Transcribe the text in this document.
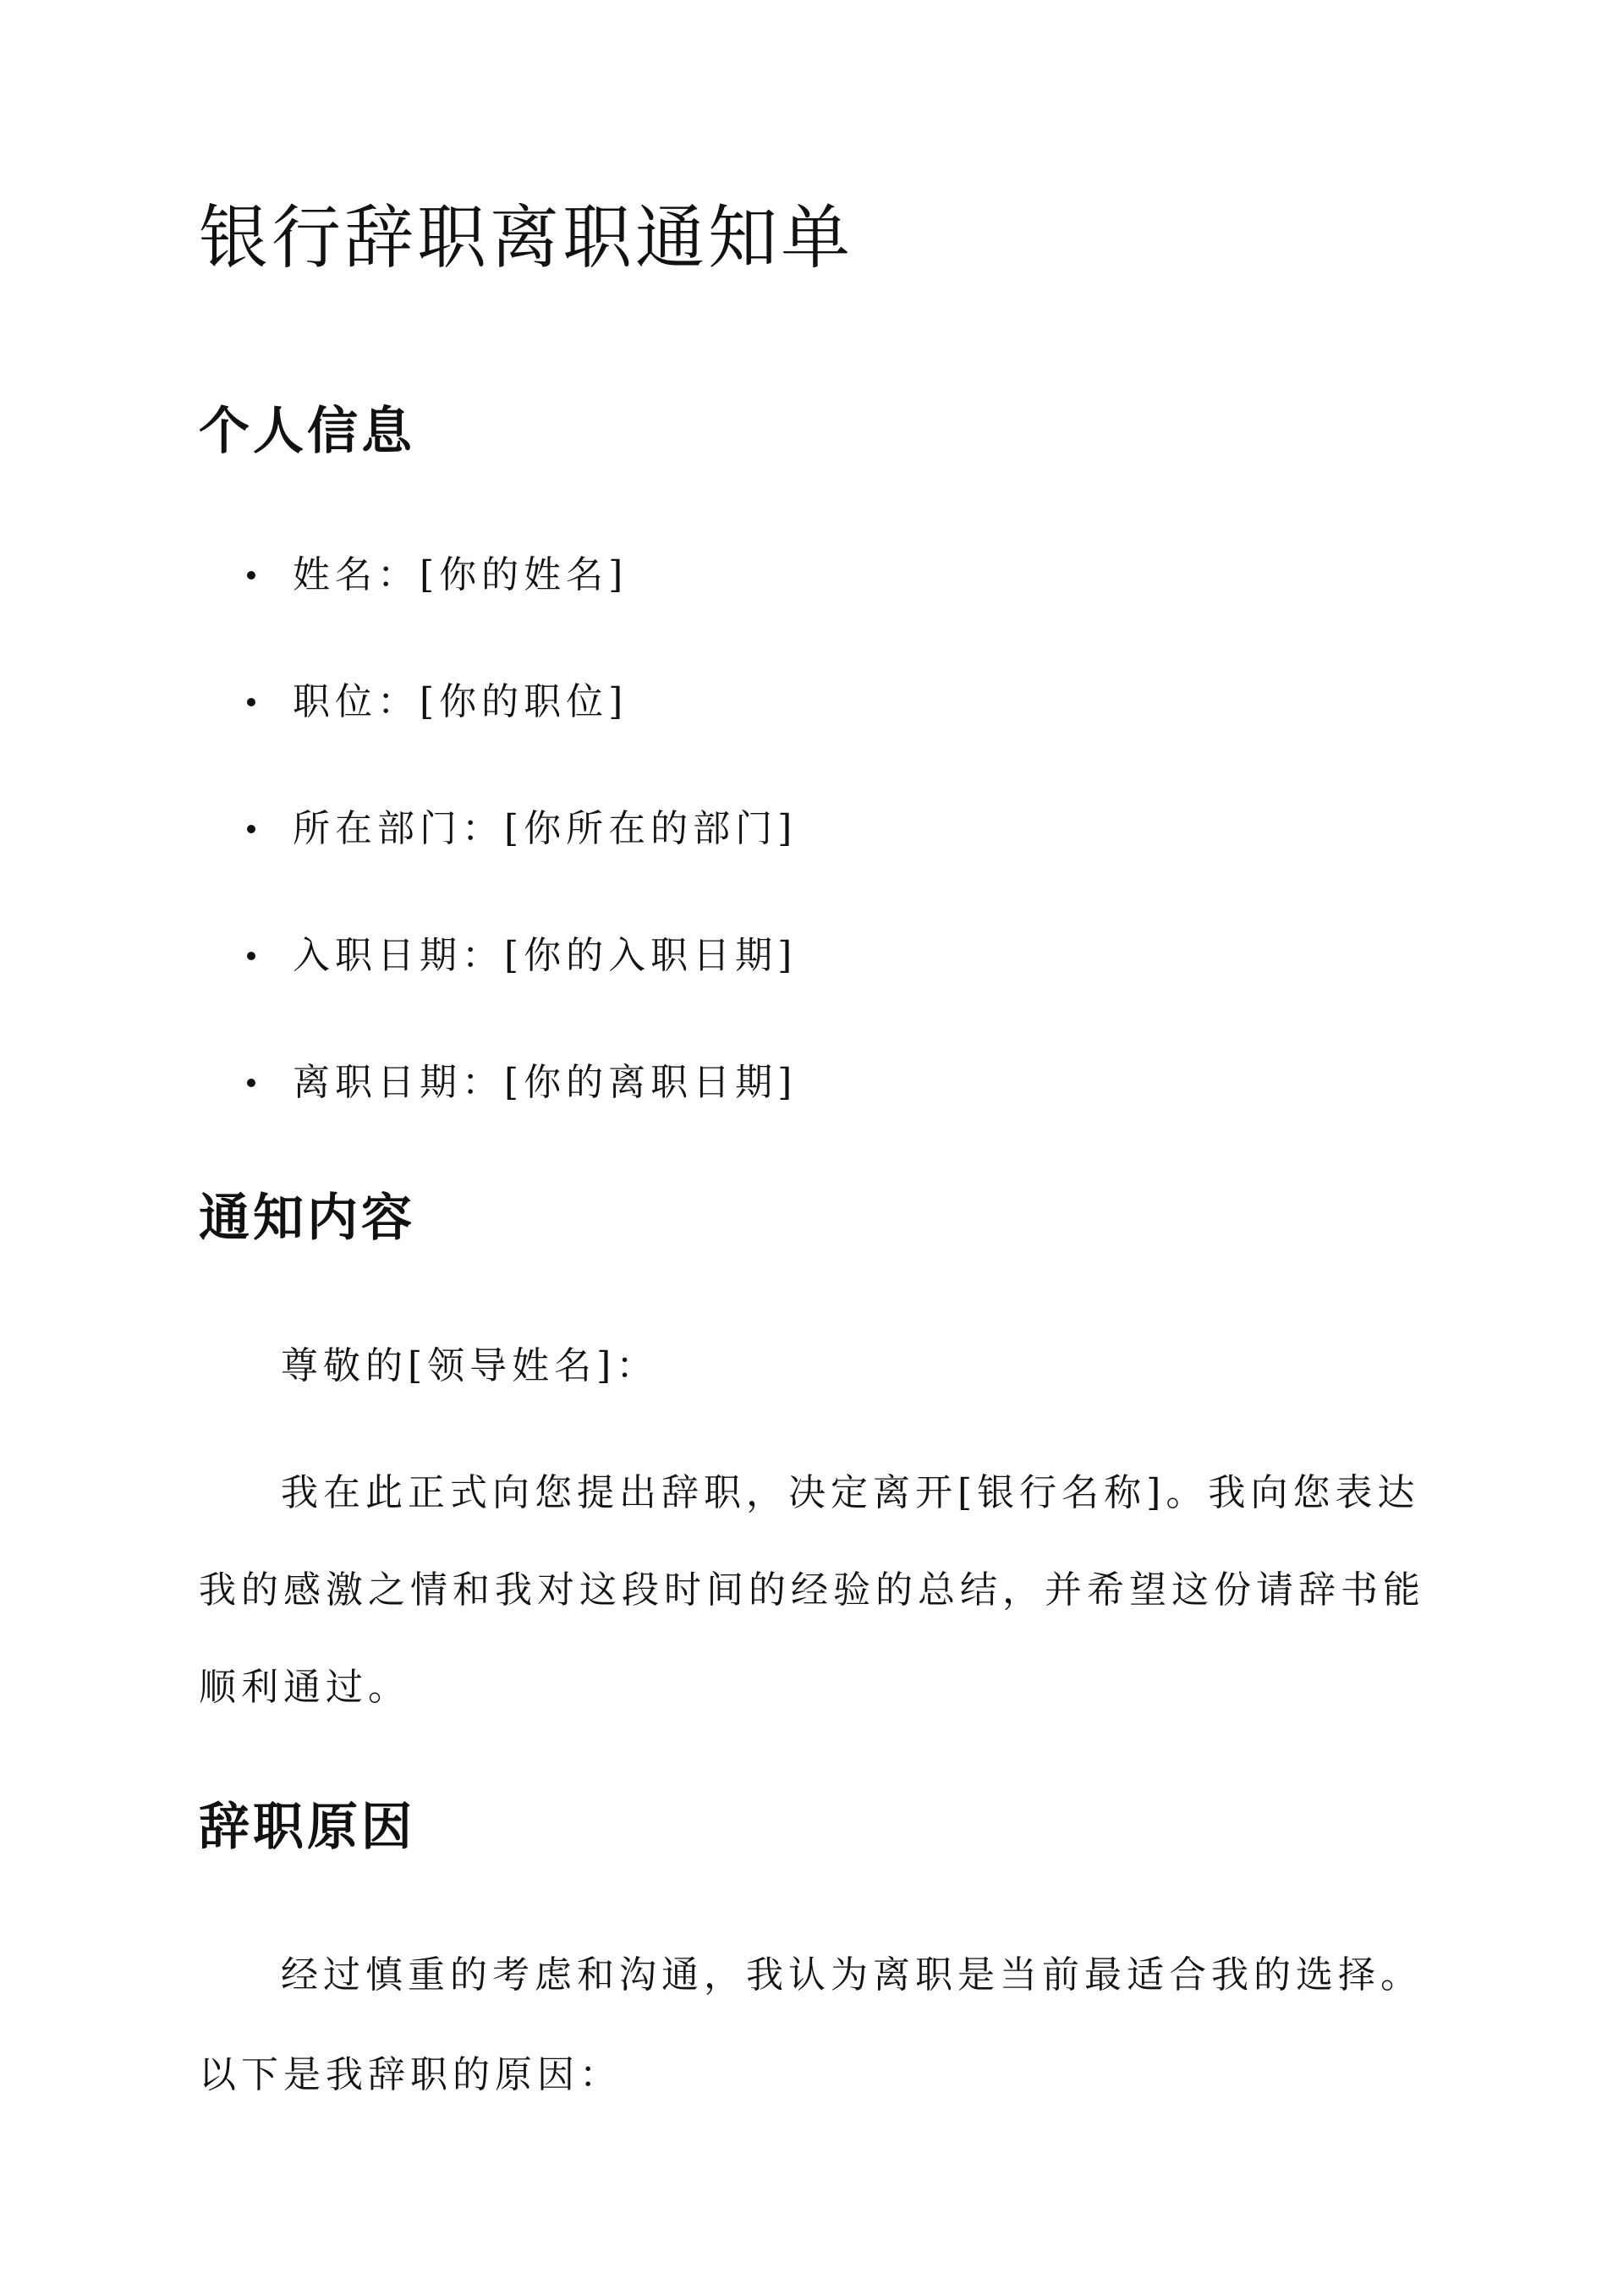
银行辞职离职通知单
个人信息
姓名：[你的姓名]
职位：[你的职位]
所在部门：[你所在的部门]
入职日期：[你的入职日期]
离职日期：[你的离职日期]
通知内容

尊敬的[领导姓名]：

我在此正式向您提出辞职，决定离开[银行名称]。我向您表达

我的感激之情和我对这段时间的经验的总结，并希望这份请辞书能

顺利通过。

辞职原因

经过慎重的考虑和沟通，我认为离职是当前最适合我的选择。

以下是我辞职的原因：
